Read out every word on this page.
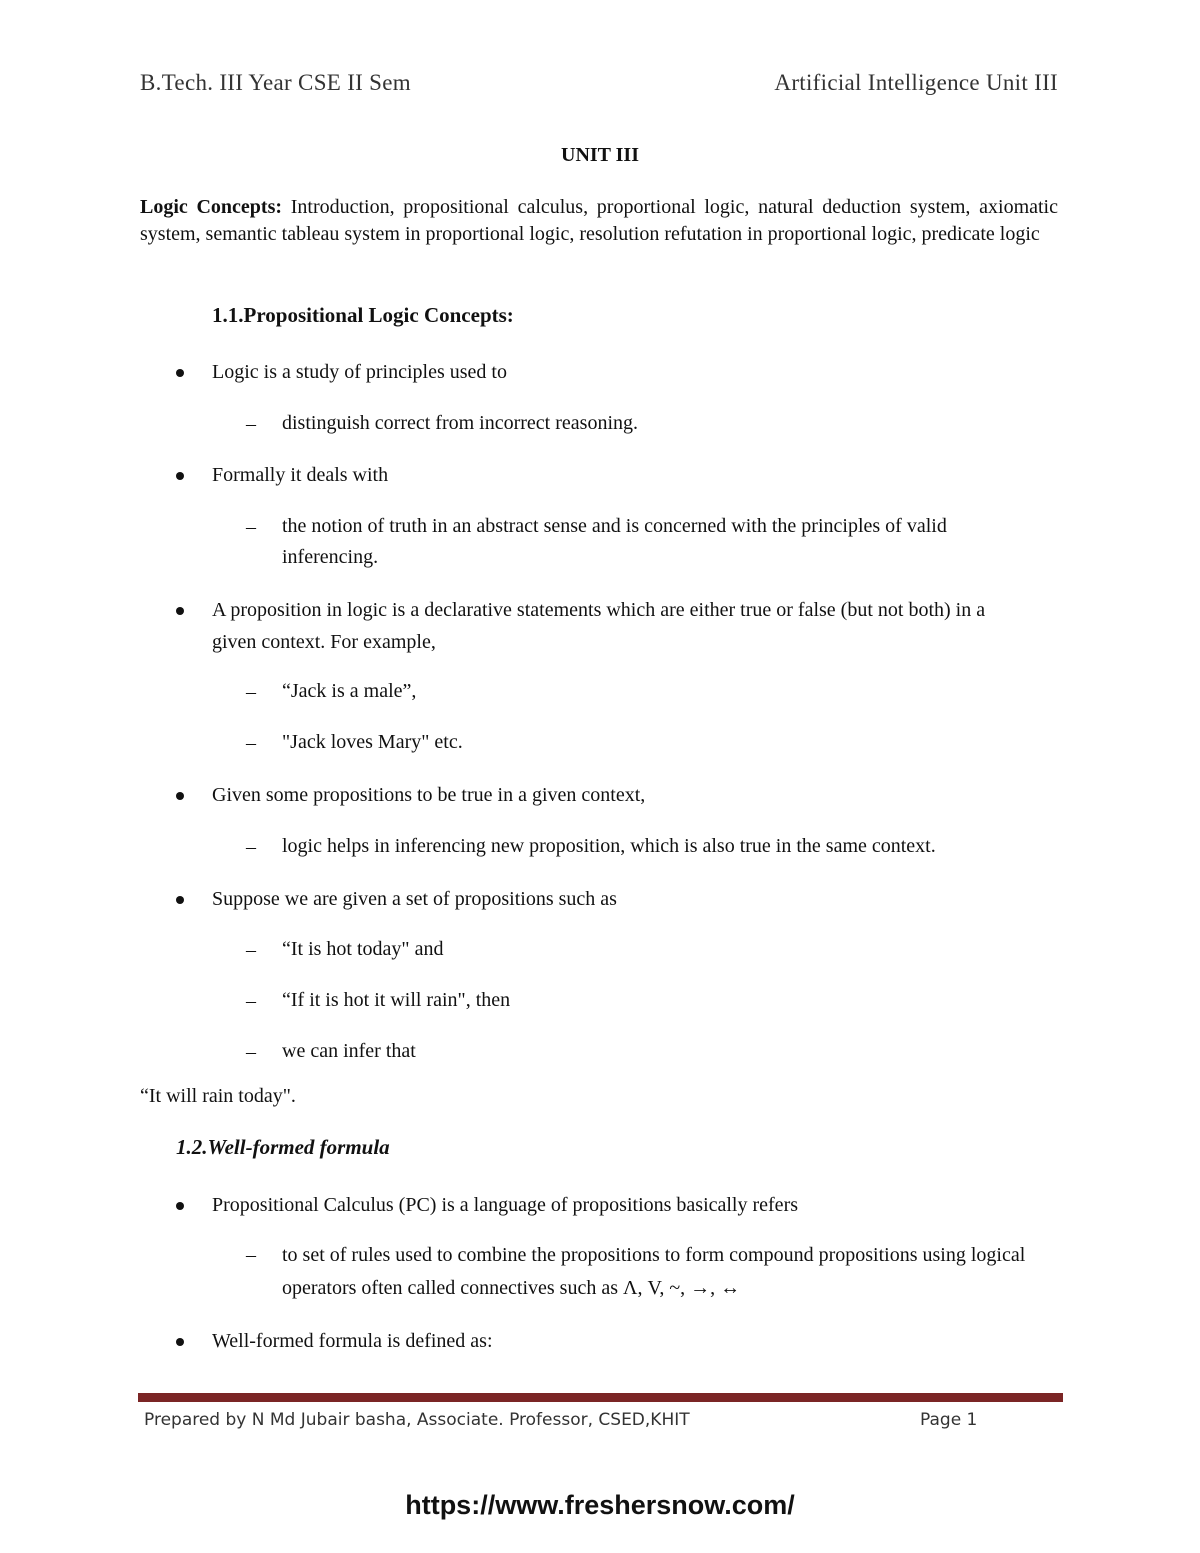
B.Tech. III Year CSE II Sem	Artificial Intelligence Unit III
UNIT III
Logic Concepts: Introduction, propositional calculus, proportional logic, natural deduction system, axiomatic system, semantic tableau system in proportional logic, resolution refutation in proportional logic, predicate logic
1.1.Propositional Logic Concepts:
Logic is a study of principles used to
– distinguish correct from incorrect reasoning.
Formally it deals with
– the notion of truth in an abstract sense and is concerned with the principles of valid inferencing.
A proposition in logic is a declarative statements which are either true or false (but not both) in a given context. For example,
– “Jack is a male”,
– "Jack loves Mary" etc.
Given some propositions to be true in a given context,
– logic helps in inferencing new proposition, which is also true in the same context.
Suppose we are given a set of propositions such as
– “It is hot today" and
– “If it is hot it will rain", then
– we can infer that
“It will rain today".
1.2.Well-formed formula
Propositional Calculus (PC) is a language of propositions basically refers
– to set of rules used to combine the propositions to form compound propositions using logical operators often called connectives such as Λ, V, ~, →, ↔
Well-formed formula is defined as:
Prepared by N Md Jubair basha, Associate. Professor, CSED,KHIT	Page 1
https://www.freshersnow.com/
